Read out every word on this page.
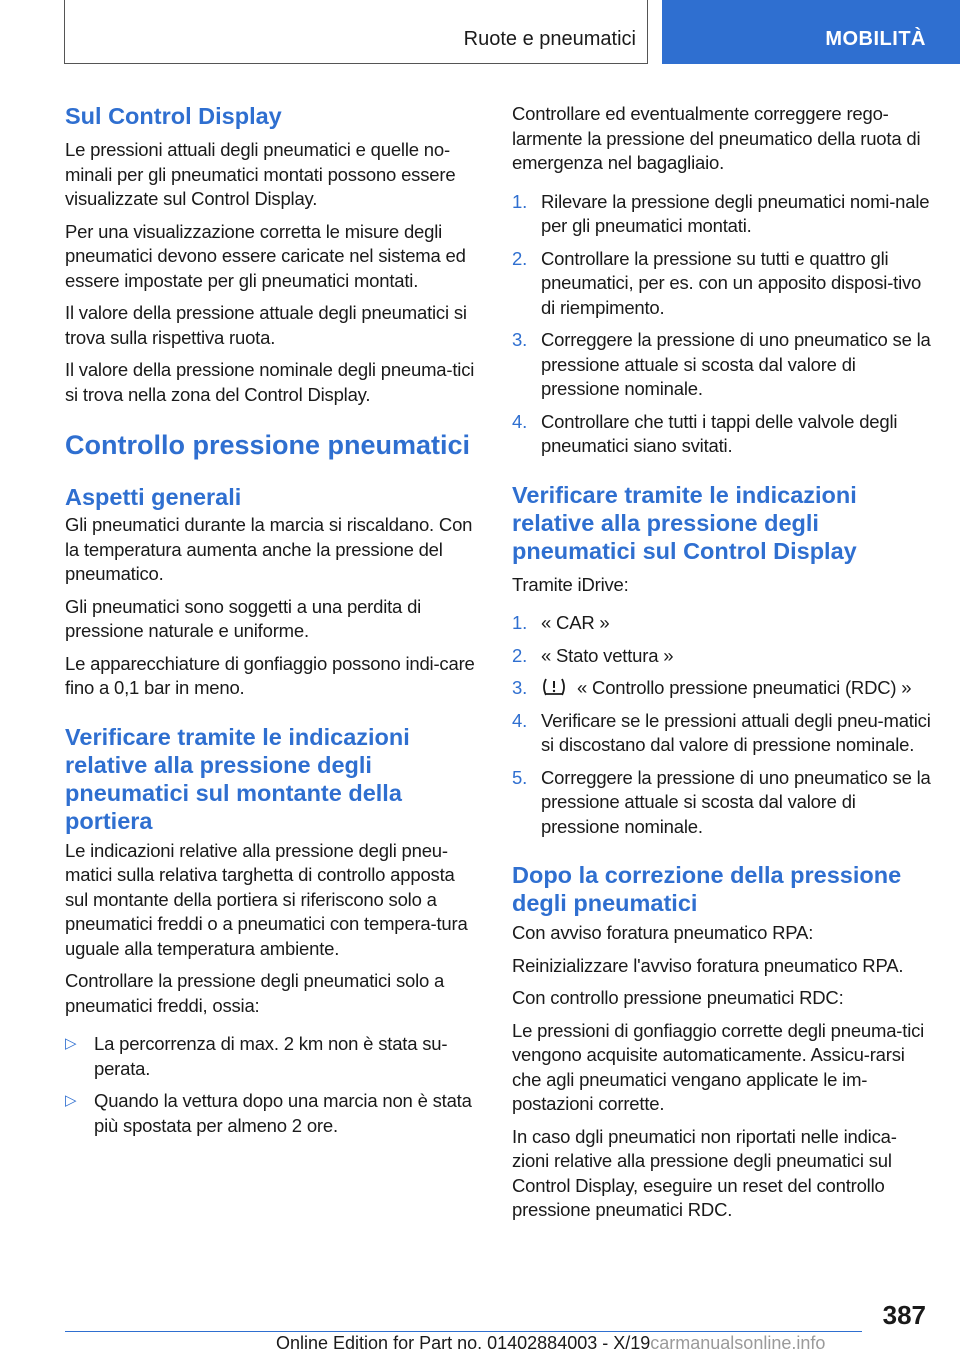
Ruote e pneumatici	MOBILITÀ
Sul Control Display

Le pressioni attuali degli pneumatici e quelle no-minali per gli pneumatici montati possono essere visualizzate sul Control Display.

Per una visualizzazione corretta le misure degli pneumatici devono essere caricate nel sistema ed essere impostate per gli pneumatici montati.

Il valore della pressione attuale degli pneumatici si trova sulla rispettiva ruota.

Il valore della pressione nominale degli pneuma-tici si trova nella zona del Control Display.

Controllo pressione pneumatici
Aspetti generali

Gli pneumatici durante la marcia si riscaldano. Con la temperatura aumenta anche la pressione del pneumatico.

Gli pneumatici sono soggetti a una perdita di pressione naturale e uniforme.

Le apparecchiature di gonfiaggio possono indi-care fino a 0,1 bar in meno.

Verificare tramite le indicazioni relative alla pressione degli pneumatici sul montante della portiera

Le indicazioni relative alla pressione degli pneu-matici sulla relativa targhetta di controllo apposta sul montante della portiera si riferiscono solo a pneumatici freddi o a pneumatici con tempera-tura uguale alla temperatura ambiente.

Controllare la pressione degli pneumatici solo a pneumatici freddi, ossia:

▷ La percorrenza di max. 2 km non è stata su-perata.
▷ Quando la vettura dopo una marcia non è stata più spostata per almeno 2 ore.

Controllare ed eventualmente correggere rego-larmente la pressione del pneumatico della ruota di emergenza nel bagagliaio.

1. Rilevare la pressione degli pneumatici nomi-nale per gli pneumatici montati.
2. Controllare la pressione su tutti e quattro gli pneumatici, per es. con un apposito disposi-tivo di riempimento.
3. Correggere la pressione di uno pneumatico se la pressione attuale si scosta dal valore di pressione nominale.
4. Controllare che tutti i tappi delle valvole degli pneumatici siano svitati.
Verificare tramite le indicazioni relative alla pressione degli pneumatici sul Control Display

Tramite iDrive:

1. « CAR »
2. « Stato vettura »
3.	« Controllo pressione pneumatici (RDC) »
4. Verificare se le pressioni attuali degli pneu-matici si discostano dal valore di pressione nominale.
5. Correggere la pressione di uno pneumatico se la pressione attuale si scosta dal valore di pressione nominale.
Dopo la correzione della pressione degli pneumatici

Con avviso foratura pneumatico RPA:

Reinizializzare l'avviso foratura pneumatico RPA.

Con controllo pressione pneumatici RDC:

Le pressioni di gonfiaggio corrette degli pneuma-tici vengono acquisite automaticamente. Assicu-rarsi che agli pneumatici vengano applicate le im-postazioni corrette.

In caso dgli pneumatici non riportati nelle indica-zioni relative alla pressione degli pneumatici sul Control Display, eseguire un reset del controllo pressione pneumatici RDC.

387
Online Edition for Part no. 01402884003 - X/19carmanualsonline.info
